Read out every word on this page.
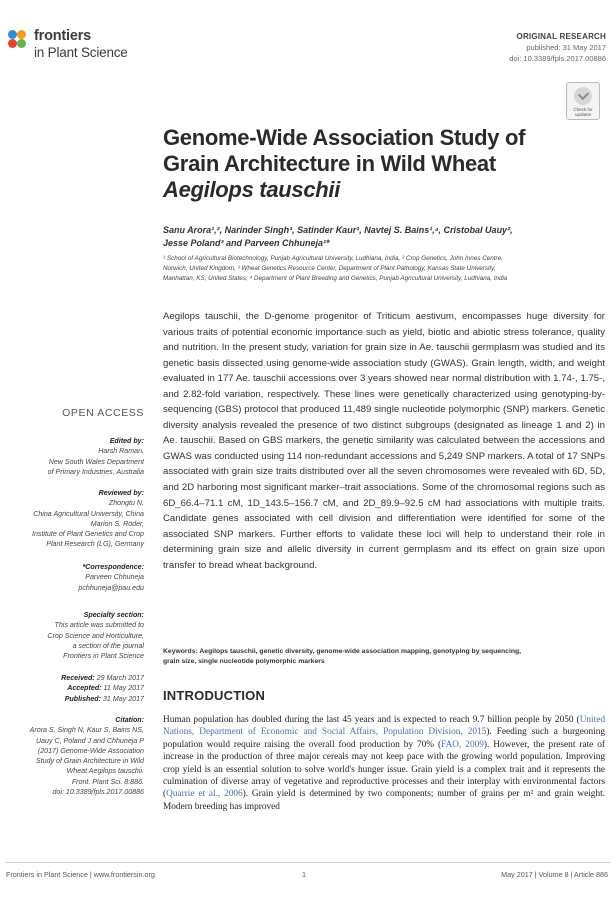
frontiers
in Plant Science
ORIGINAL RESEARCH
published: 31 May 2017
doi: 10.3389/fpls.2017.00886
Check for
updates
Genome-Wide Association Study of
Grain Architecture in Wild Wheat
Aegilops tauschii
Sanu Arora¹,², Narinder Singh³, Satinder Kaur¹, Navtej S. Bains¹,⁴, Cristobal Uauy²,
Jesse Poland³ and Parveen Chhuneja¹*
¹ School of Agricultural Biotechnology, Punjab Agricultural University, Ludhiana, India, ² Crop Genetics, John Innes Centre,
Norwich, United Kingdom, ³ Wheat Genetics Resource Center, Department of Plant Pathology, Kansas State University,
Manhattan, KS, United States, ⁴ Department of Plant Breeding and Genetics, Punjab Agricultural University, Ludhiana, India
Aegilops tauschii, the D-genome progenitor of Triticum aestivum, encompasses huge diversity for various traits of potential economic importance such as yield, biotic and abiotic stress tolerance, quality and nutrition. In the present study, variation for grain size in Ae. tauschii germplasm was studied and its genetic basis dissected using genome-wide association study (GWAS). Grain length, width, and weight evaluated in 177 Ae. tauschii accessions over 3 years showed near normal distribution with 1.74-, 1.75-, and 2.82-fold variation, respectively. These lines were genetically characterized using genotyping-by-sequencing (GBS) protocol that produced 11,489 single nucleotide polymorphic (SNP) markers. Genetic diversity analysis revealed the presence of two distinct subgroups (designated as lineage 1 and 2) in Ae. tauschii. Based on GBS markers, the genetic similarity was calculated between the accessions and GWAS was conducted using 114 non-redundant accessions and 5,249 SNP markers. A total of 17 SNPs associated with grain size traits distributed over all the seven chromosomes were revealed with 6D, 5D, and 2D harboring most significant marker–trait associations. Some of the chromosomal regions such as 6D_66.4–71.1 cM, 1D_143.5–156.7 cM, and 2D_89.9–92.5 cM had associations with multiple traits. Candidate genes associated with cell division and differentiation were identified for some of the associated SNP markers. Further efforts to validate these loci will help to understand their role in determining grain size and allelic diversity in current germplasm and its effect on grain size upon transfer to bread wheat background.
Keywords: Aegilops tauschii, genetic diversity, genome-wide association mapping, genotyping by sequencing,
grain size, single nucleotide polymorphic markers
OPEN ACCESS
Edited by:
Harsh Raman,
New South Wales Department
of Primary Industries, Australia
Reviewed by:
Zhongtu N,
China Agricultural University, China
Marion S. Röder,
Institute of Plant Genetics and Crop
Plant Research (LG), Germany
*Correspondence:
Parveen Chhuneja
pchhuneja@pau.edu
Specialty section:
This article was submitted to
Crop Science and Horticulture,
a section of the journal
Frontiers in Plant Science
Received: 29 March 2017
Accepted: 11 May 2017
Published: 31 May 2017
Citation:
Arora S, Singh N, Kaur S, Bains NS,
Uauy C, Poland J and Chhuneja P
(2017) Genome-Wide Association
Study of Grain Architecture in Wild
Wheat Aegilops tauschii.
Front. Plant Sci. 8:886.
doi: 10.3389/fpls.2017.00886
INTRODUCTION
Human population has doubled during the last 45 years and is expected to reach 9.7 billion people by 2050 (United Nations, Department of Economic and Social Affairs, Population Division, 2015). Feeding such a burgeoning population would require raising the overall food production by 70% (FAO, 2009). However, the present rate of increase in the production of three major cereals may not keep pace with the growing world population. Improving crop yield is an essential solution to solve world's hunger issue. Grain yield is a complex trait and it represents the culmination of diverse array of vegetative and reproductive processes and their interplay with environmental factors (Quarrie et al., 2006). Grain yield is determined by two components; number of grains per m² and grain weight. Modern breeding has improved
Frontiers in Plant Science | www.frontiersin.org	1	May 2017 | Volume 8 | Article 886
